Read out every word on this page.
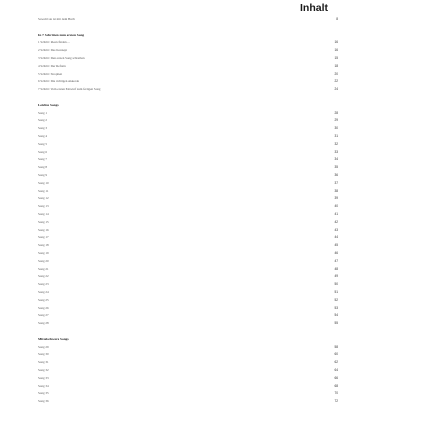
Inhalt
Sowohl sie ist mit dem Buch	8
In 7 Schritten zum ersten Song
1 Schritt: Ideen finden ...	16
2 Schritt: Das Konzept	16
3 Schritt: Den ersten Song schreiben	15
4 Schritt: Der Refrain	18
5 Schritt: Strophen	20
6 Schritt: Die richtigen Akkorde	22
7 Schritt: Vom ersten Entwurf zum fertigen Song	24
Leichte Songs
Song 1	28
Song 2	29
Song 3	30
Song 4	31
Song 5	32
Song 6	33
Song 7	34
Song 8	35
Song 9	36
Song 10	37
Song 11	38
Song 12	39
Song 13	40
Song 14	41
Song 15	42
Song 16	43
Song 17	44
Song 18	45
Song 19	46
Song 20	47
Song 21	48
Song 22	49
Song 23	50
Song 24	51
Song 25	52
Song 26	53
Song 27	54
Song 28	55
Mittelschwere Songs
Song 29	58
Song 30	60
Song 31	62
Song 32	64
Song 33	66
Song 34	68
Song 35	70
Song 36	72
